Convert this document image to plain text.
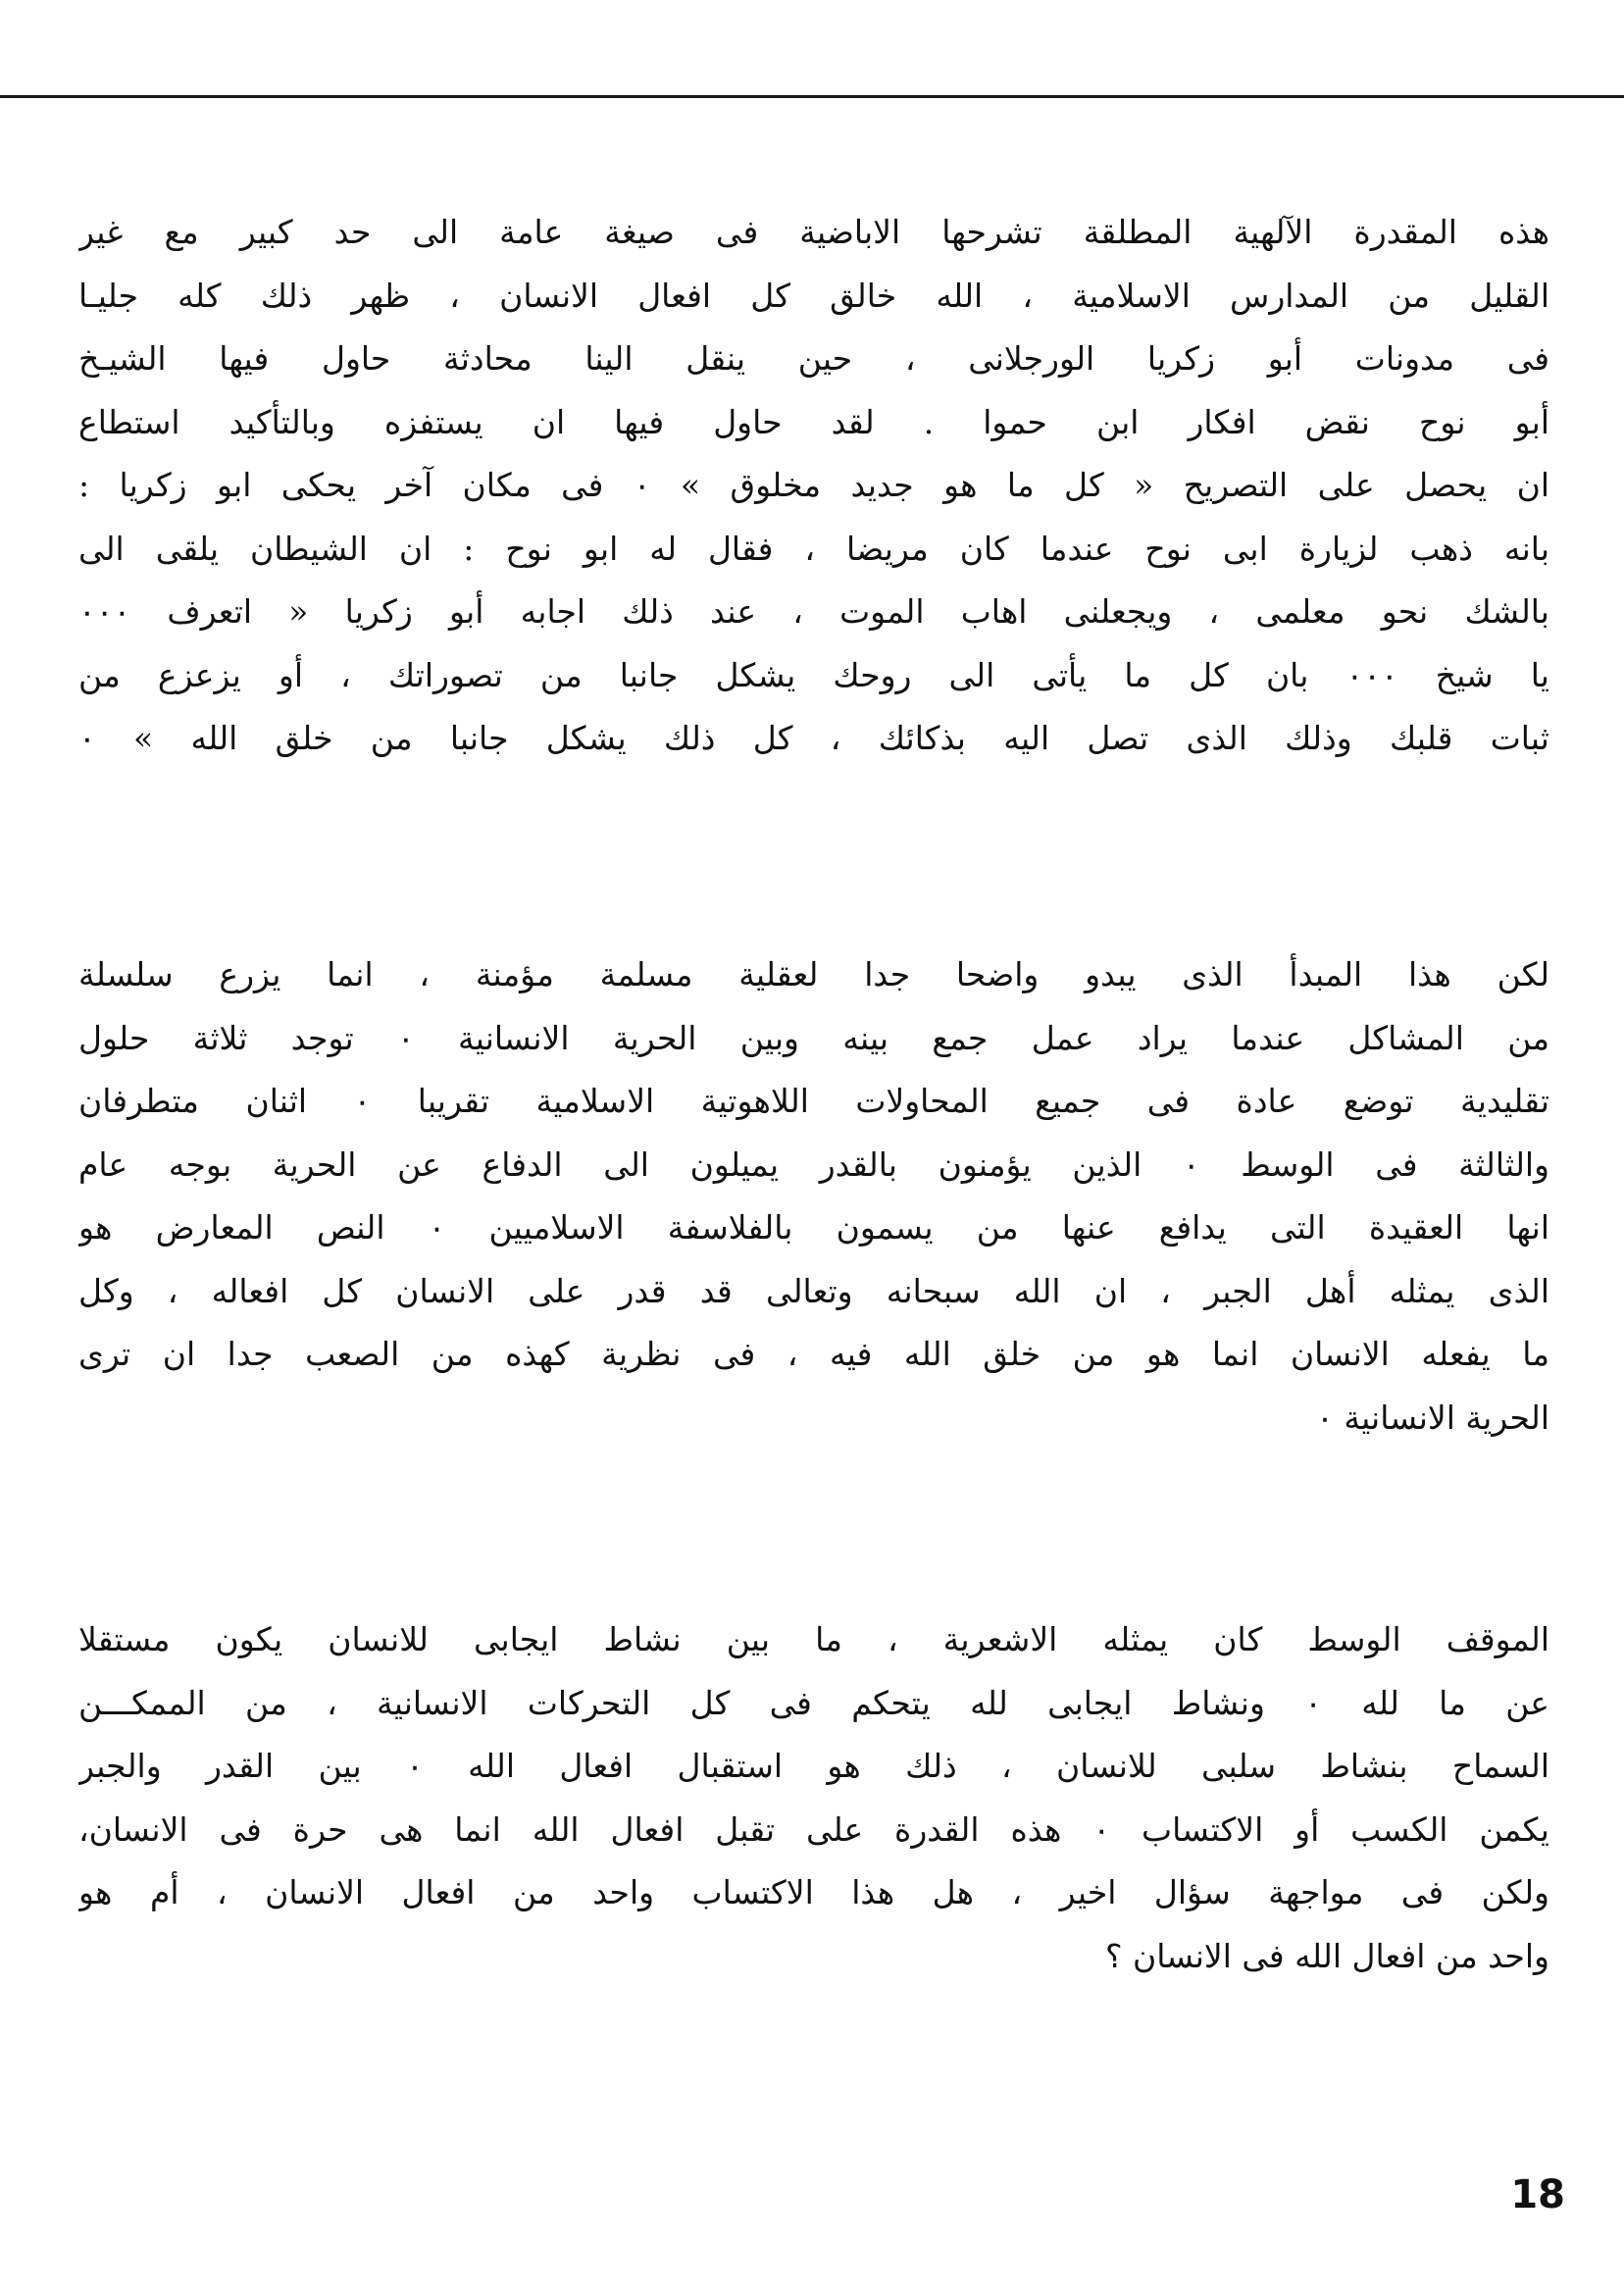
هذه المقدرة الآلهية المطلقة تشرحها الاباضية فى صيغة عامة الى حد كبير مع غير
القليل من المدارس الاسلامية ، الله خالق كل افعال الانسان ، ظهر ذلك كله جليـا
فى مدونات أبو زكريا الورجلانى ، حين ينقل الينا محادثة حاول فيها الشيـخ
أبو نوح نقض افكار ابن حموا . لقد حاول فيها ان يستفزه وبالتأكيد استطاع
ان يحصل على التصريح « كل ما هو جديد مخلوق » ۰ فى مكان آخر يحكى ابو زكريا :
بانه ذهب لزيارة ابى نوح عندما كان مريضا ، فقال له ابو نوح : ان الشيطان يلقى الى
بالشك نحو معلمى ، ويجعلنى اهاب الموت ، عند ذلك اجابه أبو زكريا « اتعرف ۰۰۰
يا شيخ ۰۰۰ بان كل ما يأتى الى روحك يشكل جانبا من تصوراتك ، أو يزعزع من
ثبات قلبك وذلك الذى تصل اليه بذكائك ، كل ذلك يشكل جانبا من خلق الله » ۰
لكن هذا المبدأ الذى يبدو واضحا جدا لعقلية مسلمة مؤمنة ، انما يزرع سلسلة
من المشاكل عندما يراد عمل جمع بينه وبين الحرية الانسانية ۰ توجد ثلاثة حلول
تقليدية توضع عادة فى جميع المحاولات اللاهوتية الاسلامية تقريبا ۰ اثنان متطرفان
والثالثة فى الوسط ۰ الذين يؤمنون بالقدر يميلون الى الدفاع عن الحرية بوجه عام
انها العقيدة التى يدافع عنها من يسمون بالفلاسفة الاسلاميين ۰ النص المعارض هو
الذى يمثله أهل الجبر ، ان الله سبحانه وتعالى قد قدر على الانسان كل افعاله ، وكل
ما يفعله الانسان انما هو من خلق الله فيه ، فى نظرية كهذه من الصعب جدا ان ترى
الحرية الانسانية ۰
الموقف الوسط كان يمثله الاشعرية ، ما بين نشاط ايجابى للانسان يكون مستقلا
عن ما لله ۰ ونشاط ايجابى لله يتحكم فى كل التحركات الانسانية ، من الممكـــن
السماح بنشاط سلبى للانسان ، ذلك هو استقبال افعال الله ۰ بين القدر والجبر
يكمن الكسب أو الاكتساب ۰ هذه القدرة على تقبل افعال الله انما هى حرة فى الانسان،
ولكن فى مواجهة سؤال اخير ، هل هذا الاكتساب واحد من افعال الانسان ، أم هو
واحد من افعال الله فى الانسان ؟
18
